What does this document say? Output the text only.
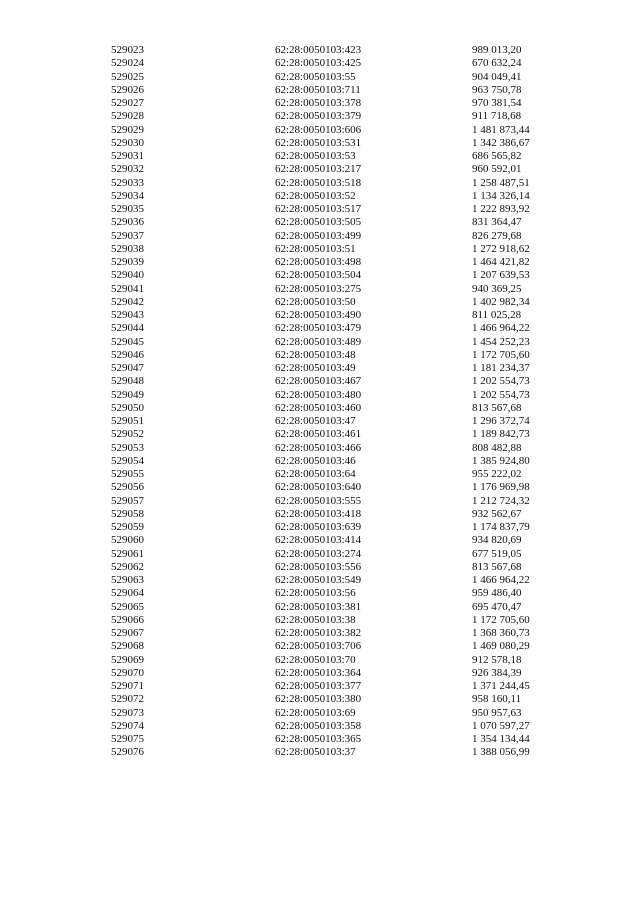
529023	62:28:0050103:423	989 013,20
529024	62:28:0050103:425	670 632,24
529025	62:28:0050103:55	904 049,41
529026	62:28:0050103:711	963 750,78
529027	62:28:0050103:378	970 381,54
529028	62:28:0050103:379	911 718,68
529029	62:28:0050103:606	1 481 873,44
529030	62:28:0050103:531	1 342 386,67
529031	62:28:0050103:53	686 565,82
529032	62:28:0050103:217	960 592,01
529033	62:28:0050103:518	1 258 487,51
529034	62:28:0050103:52	1 134 326,14
529035	62:28:0050103:517	1 222 893,92
529036	62:28:0050103:505	831 364,47
529037	62:28:0050103:499	826 279,68
529038	62:28:0050103:51	1 272 918,62
529039	62:28:0050103:498	1 464 421,82
529040	62:28:0050103:504	1 207 639,53
529041	62:28:0050103:275	940 369,25
529042	62:28:0050103:50	1 402 982,34
529043	62:28:0050103:490	811 025,28
529044	62:28:0050103:479	1 466 964,22
529045	62:28:0050103:489	1 454 252,23
529046	62:28:0050103:48	1 172 705,60
529047	62:28:0050103:49	1 181 234,37
529048	62:28:0050103:467	1 202 554,73
529049	62:28:0050103:480	1 202 554,73
529050	62:28:0050103:460	813 567,68
529051	62:28:0050103:47	1 296 372,74
529052	62:28:0050103:461	1 189 842,73
529053	62:28:0050103:466	808 482,88
529054	62:28:0050103:46	1 385 924,80
529055	62:28:0050103:64	955 222,02
529056	62:28:0050103:640	1 176 969,98
529057	62:28:0050103:555	1 212 724,32
529058	62:28:0050103:418	932 562,67
529059	62:28:0050103:639	1 174 837,79
529060	62:28:0050103:414	934 820,69
529061	62:28:0050103:274	677 519,05
529062	62:28:0050103:556	813 567,68
529063	62:28:0050103:549	1 466 964,22
529064	62:28:0050103:56	959 486,40
529065	62:28:0050103:381	695 470,47
529066	62:28:0050103:38	1 172 705,60
529067	62:28:0050103:382	1 368 360,73
529068	62:28:0050103:706	1 469 080,29
529069	62:28:0050103:70	912 578,18
529070	62:28:0050103:364	926 384,39
529071	62:28:0050103:377	1 371 244,45
529072	62:28:0050103:380	958 160,11
529073	62:28:0050103:69	950 957,63
529074	62:28:0050103:358	1 070 597,27
529075	62:28:0050103:365	1 354 134,44
529076	62:28:0050103:37	1 388 056,99
